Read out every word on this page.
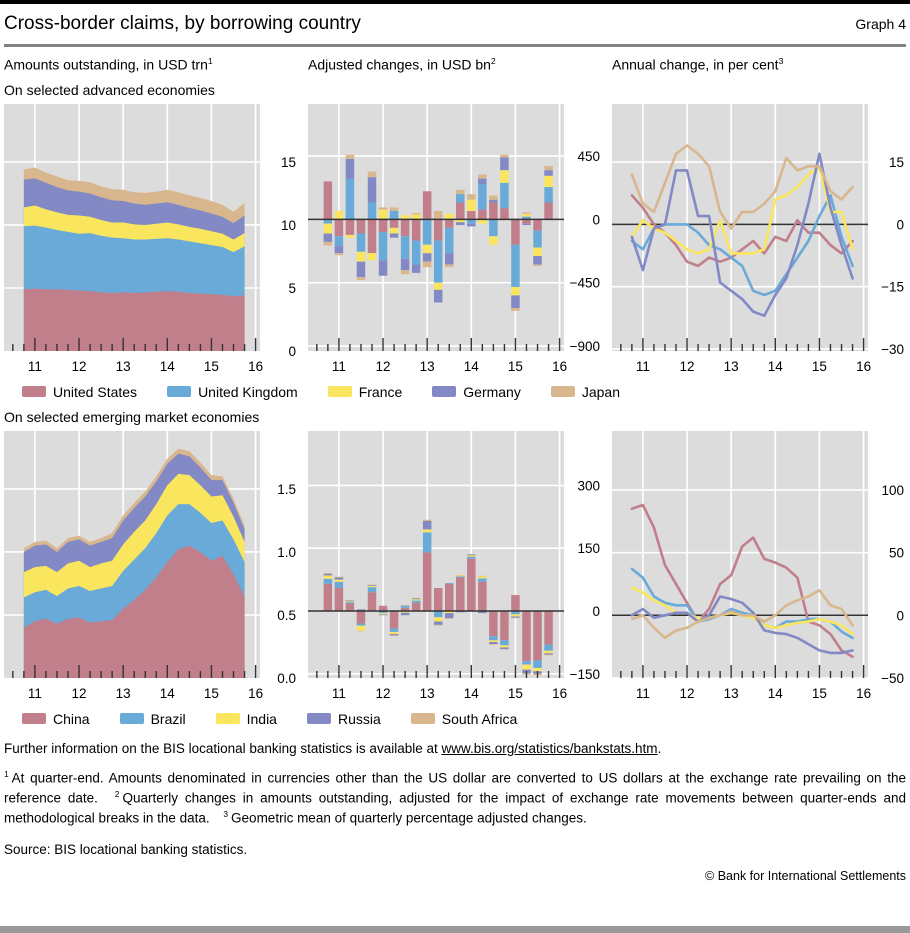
Cross-border claims, by borrowing country	Graph 4
Amounts outstanding, in USD trn$^1$	Adjusted changes, in USD $bn^2$	Annual change, in per cent$^3$
On selected advanced economies
11 12 13 14 15 16
15
10
5
0
11 12 13 14 15 16
450
0
−450
−900
11 12 13 14 15 16
15
0
−15
−30
United States	United Kingdom	France	Germany	Japan
On selected emerging market economies
11 12 13 14 15 16
1.5
1.0
0.5
0.0
11 12 13 14 15 16
300
150
0
−150
11 12 13 14 15 16
100
50
0
−50
China	Brazil	India	Russia	South Africa
Further information on the BIS locational banking statistics is available at www.bis.org/statistics/bankstats.htm.

$^1$ At quarter-end. Amounts denominated in currencies other than the US dollar are converted to US dollars at the exchange rate prevailing on the reference date. $^2$ Quarterly changes in amounts outstanding, adjusted for the impact of exchange rate movements between quarter-ends and methodological breaks in the data. $^3$ Geometric mean of quarterly percentage adjusted changes.

Source: BIS locational banking statistics.
© Bank for International Settlements
